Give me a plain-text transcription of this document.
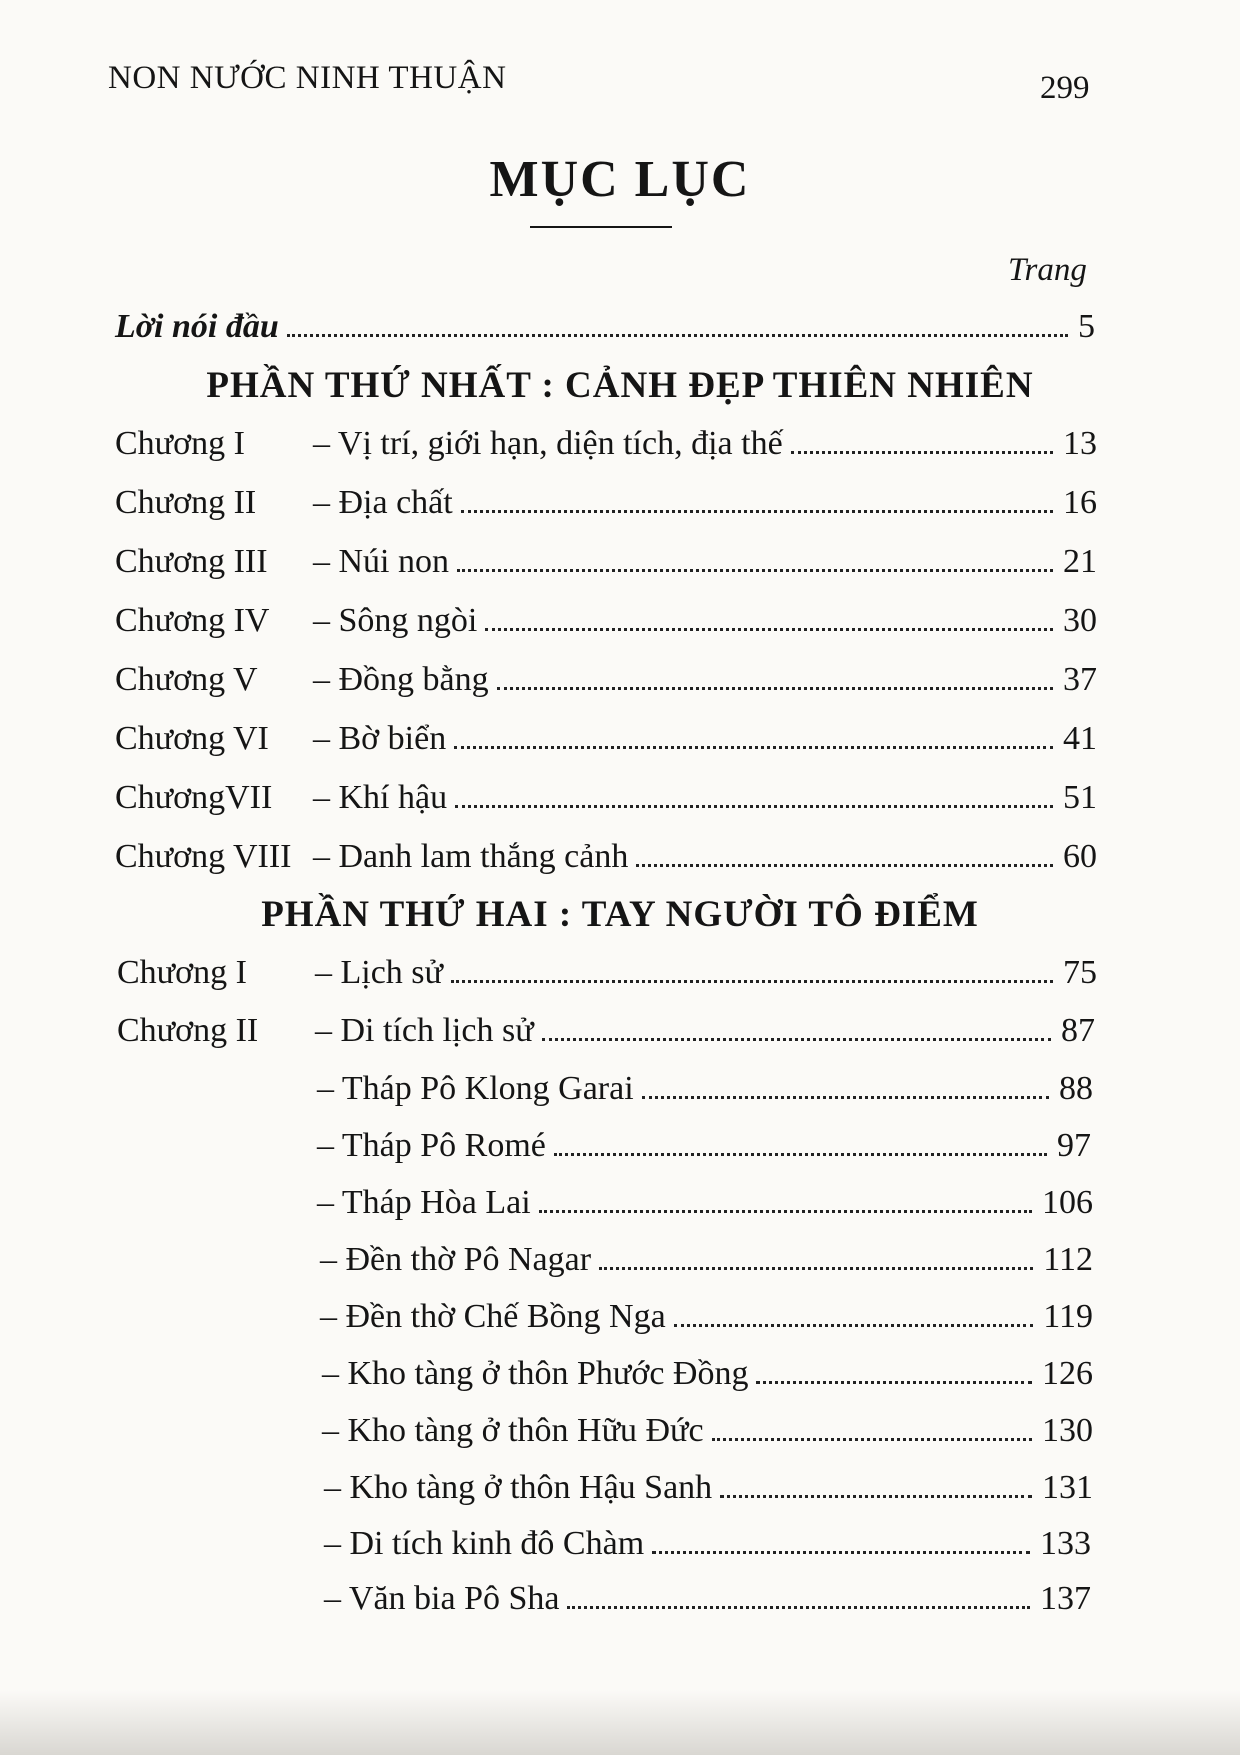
NON NƯỚC NINH THUẬN	299
MỤC LỤC
Trang
Lời nói đầu	5
PHẦN THỨ NHẤT : CẢNH ĐẸP THIÊN NHIÊN
Chương I	– Vị trí, giới hạn, diện tích, địa thế	13
Chương II	– Địa chất	16
Chương III	– Núi non	21
Chương IV	– Sông ngòi	30
Chương V	– Đồng bằng	37
Chương VI	– Bờ biển	41
ChươngVII	– Khí hậu	51
Chương VIII – Danh lam thắng cảnh	60
PHẦN THỨ HAI : TAY NGƯỜI TÔ ĐIỂM
Chương I	– Lịch sử	75
Chương II	– Di tích lịch sử	87
– Tháp Pô Klong Garai	88
– Tháp Pô Romé	97
– Tháp Hòa Lai	106
– Đền thờ Pô Nagar	112
– Đền thờ Chế Bồng Nga	119
– Kho tàng ở thôn Phước Đồng	126
– Kho tàng ở thôn Hữu Đức	130
– Kho tàng ở thôn Hậu Sanh	131
– Di tích kinh đô Chàm	133
– Văn bia Pô Sha	137
